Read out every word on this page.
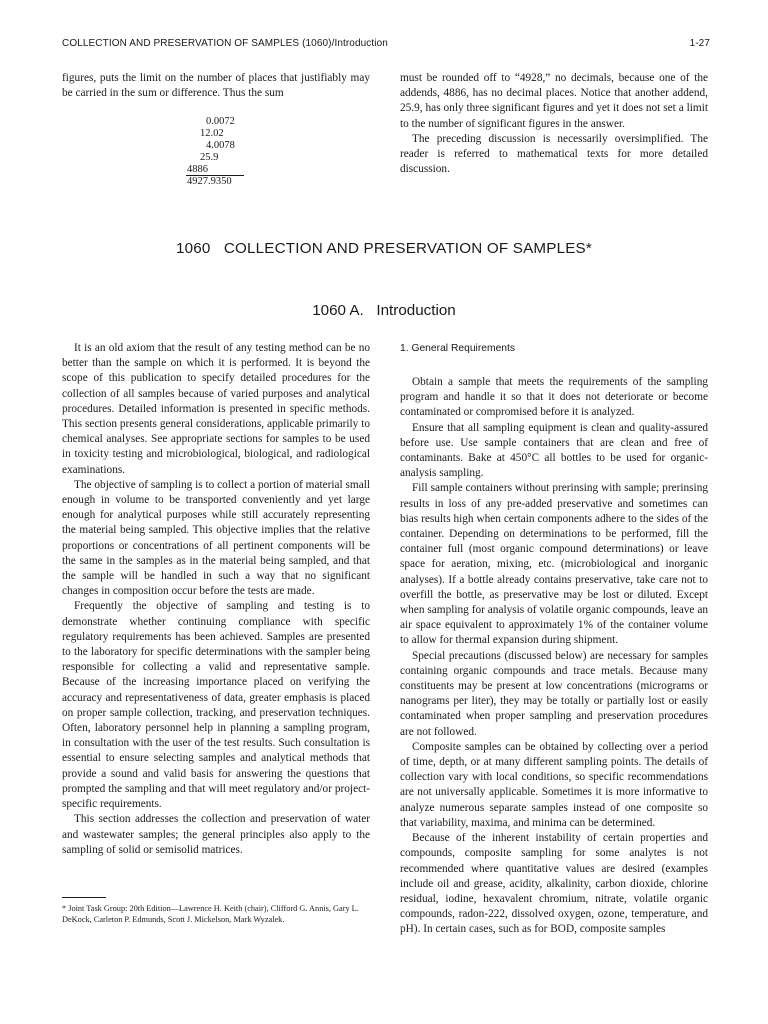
COLLECTION AND PRESERVATION OF SAMPLES (1060)/Introduction	1-27

figures, puts the limit on the number of places that justifiably may be carried in the sum or difference. Thus the sum

0.0072
12.02
4.0078
25.9
4886
4927.9350

must be rounded off to “4928,” no decimals, because one of the addends, 4886, has no decimal places. Notice that another addend, 25.9, has only three significant figures and yet it does not set a limit to the number of significant figures in the answer.

The preceding discussion is necessarily oversimplified. The reader is referred to mathematical texts for more detailed discussion.

1060   COLLECTION AND PRESERVATION OF SAMPLES*
1060 A.   Introduction

It is an old axiom that the result of any testing method can be no better than the sample on which it is performed. It is beyond the scope of this publication to specify detailed procedures for the collection of all samples because of varied purposes and analytical procedures. Detailed information is presented in specific methods. This section presents general considerations, applicable primarily to chemical analyses. See appropriate sections for samples to be used in toxicity testing and microbiological, biological, and radiological examinations.

The objective of sampling is to collect a portion of material small enough in volume to be transported conveniently and yet large enough for analytical purposes while still accurately representing the material being sampled. This objective implies that the relative proportions or concentrations of all pertinent components will be the same in the samples as in the material being sampled, and that the sample will be handled in such a way that no significant changes in composition occur before the tests are made.

Frequently the objective of sampling and testing is to demonstrate whether continuing compliance with specific regulatory requirements has been achieved. Samples are presented to the laboratory for specific determinations with the sampler being responsible for collecting a valid and representative sample. Because of the increasing importance placed on verifying the accuracy and representativeness of data, greater emphasis is placed on proper sample collection, tracking, and preservation techniques. Often, laboratory personnel help in planning a sampling program, in consultation with the user of the test results. Such consultation is essential to ensure selecting samples and analytical methods that provide a sound and valid basis for answering the questions that prompted the sampling and that will meet regulatory and/or project-specific requirements.

This section addresses the collection and preservation of water and wastewater samples; the general principles also apply to the sampling of solid or semisolid matrices.

1. General Requirements

Obtain a sample that meets the requirements of the sampling program and handle it so that it does not deteriorate or become contaminated or compromised before it is analyzed.

Ensure that all sampling equipment is clean and quality-assured before use. Use sample containers that are clean and free of contaminants. Bake at 450°C all bottles to be used for organic-analysis sampling.

Fill sample containers without prerinsing with sample; prerinsing results in loss of any pre-added preservative and sometimes can bias results high when certain components adhere to the sides of the container. Depending on determinations to be performed, fill the container full (most organic compound determinations) or leave space for aeration, mixing, etc. (microbiological and inorganic analyses). If a bottle already contains preservative, take care not to overfill the bottle, as preservative may be lost or diluted. Except when sampling for analysis of volatile organic compounds, leave an air space equivalent to approximately 1% of the container volume to allow for thermal expansion during shipment.

Special precautions (discussed below) are necessary for samples containing organic compounds and trace metals. Because many constituents may be present at low concentrations (micrograms or nanograms per liter), they may be totally or partially lost or easily contaminated when proper sampling and preservation procedures are not followed.

Composite samples can be obtained by collecting over a period of time, depth, or at many different sampling points. The details of collection vary with local conditions, so specific recommendations are not universally applicable. Sometimes it is more informative to analyze numerous separate samples instead of one composite so that variability, maxima, and minima can be determined.

Because of the inherent instability of certain properties and compounds, composite sampling for some analytes is not recommended where quantitative values are desired (examples include oil and grease, acidity, alkalinity, carbon dioxide, chlorine residual, iodine, hexavalent chromium, nitrate, volatile organic compounds, radon-222, dissolved oxygen, ozone, temperature, and pH). In certain cases, such as for BOD, composite samples

* Joint Task Group: 20th Edition—Lawrence H. Keith (chair), Clifford G. Annis, Gary L. DeKock, Carleton P. Edmunds, Scott J. Mickelson, Mark Wyzalek.
